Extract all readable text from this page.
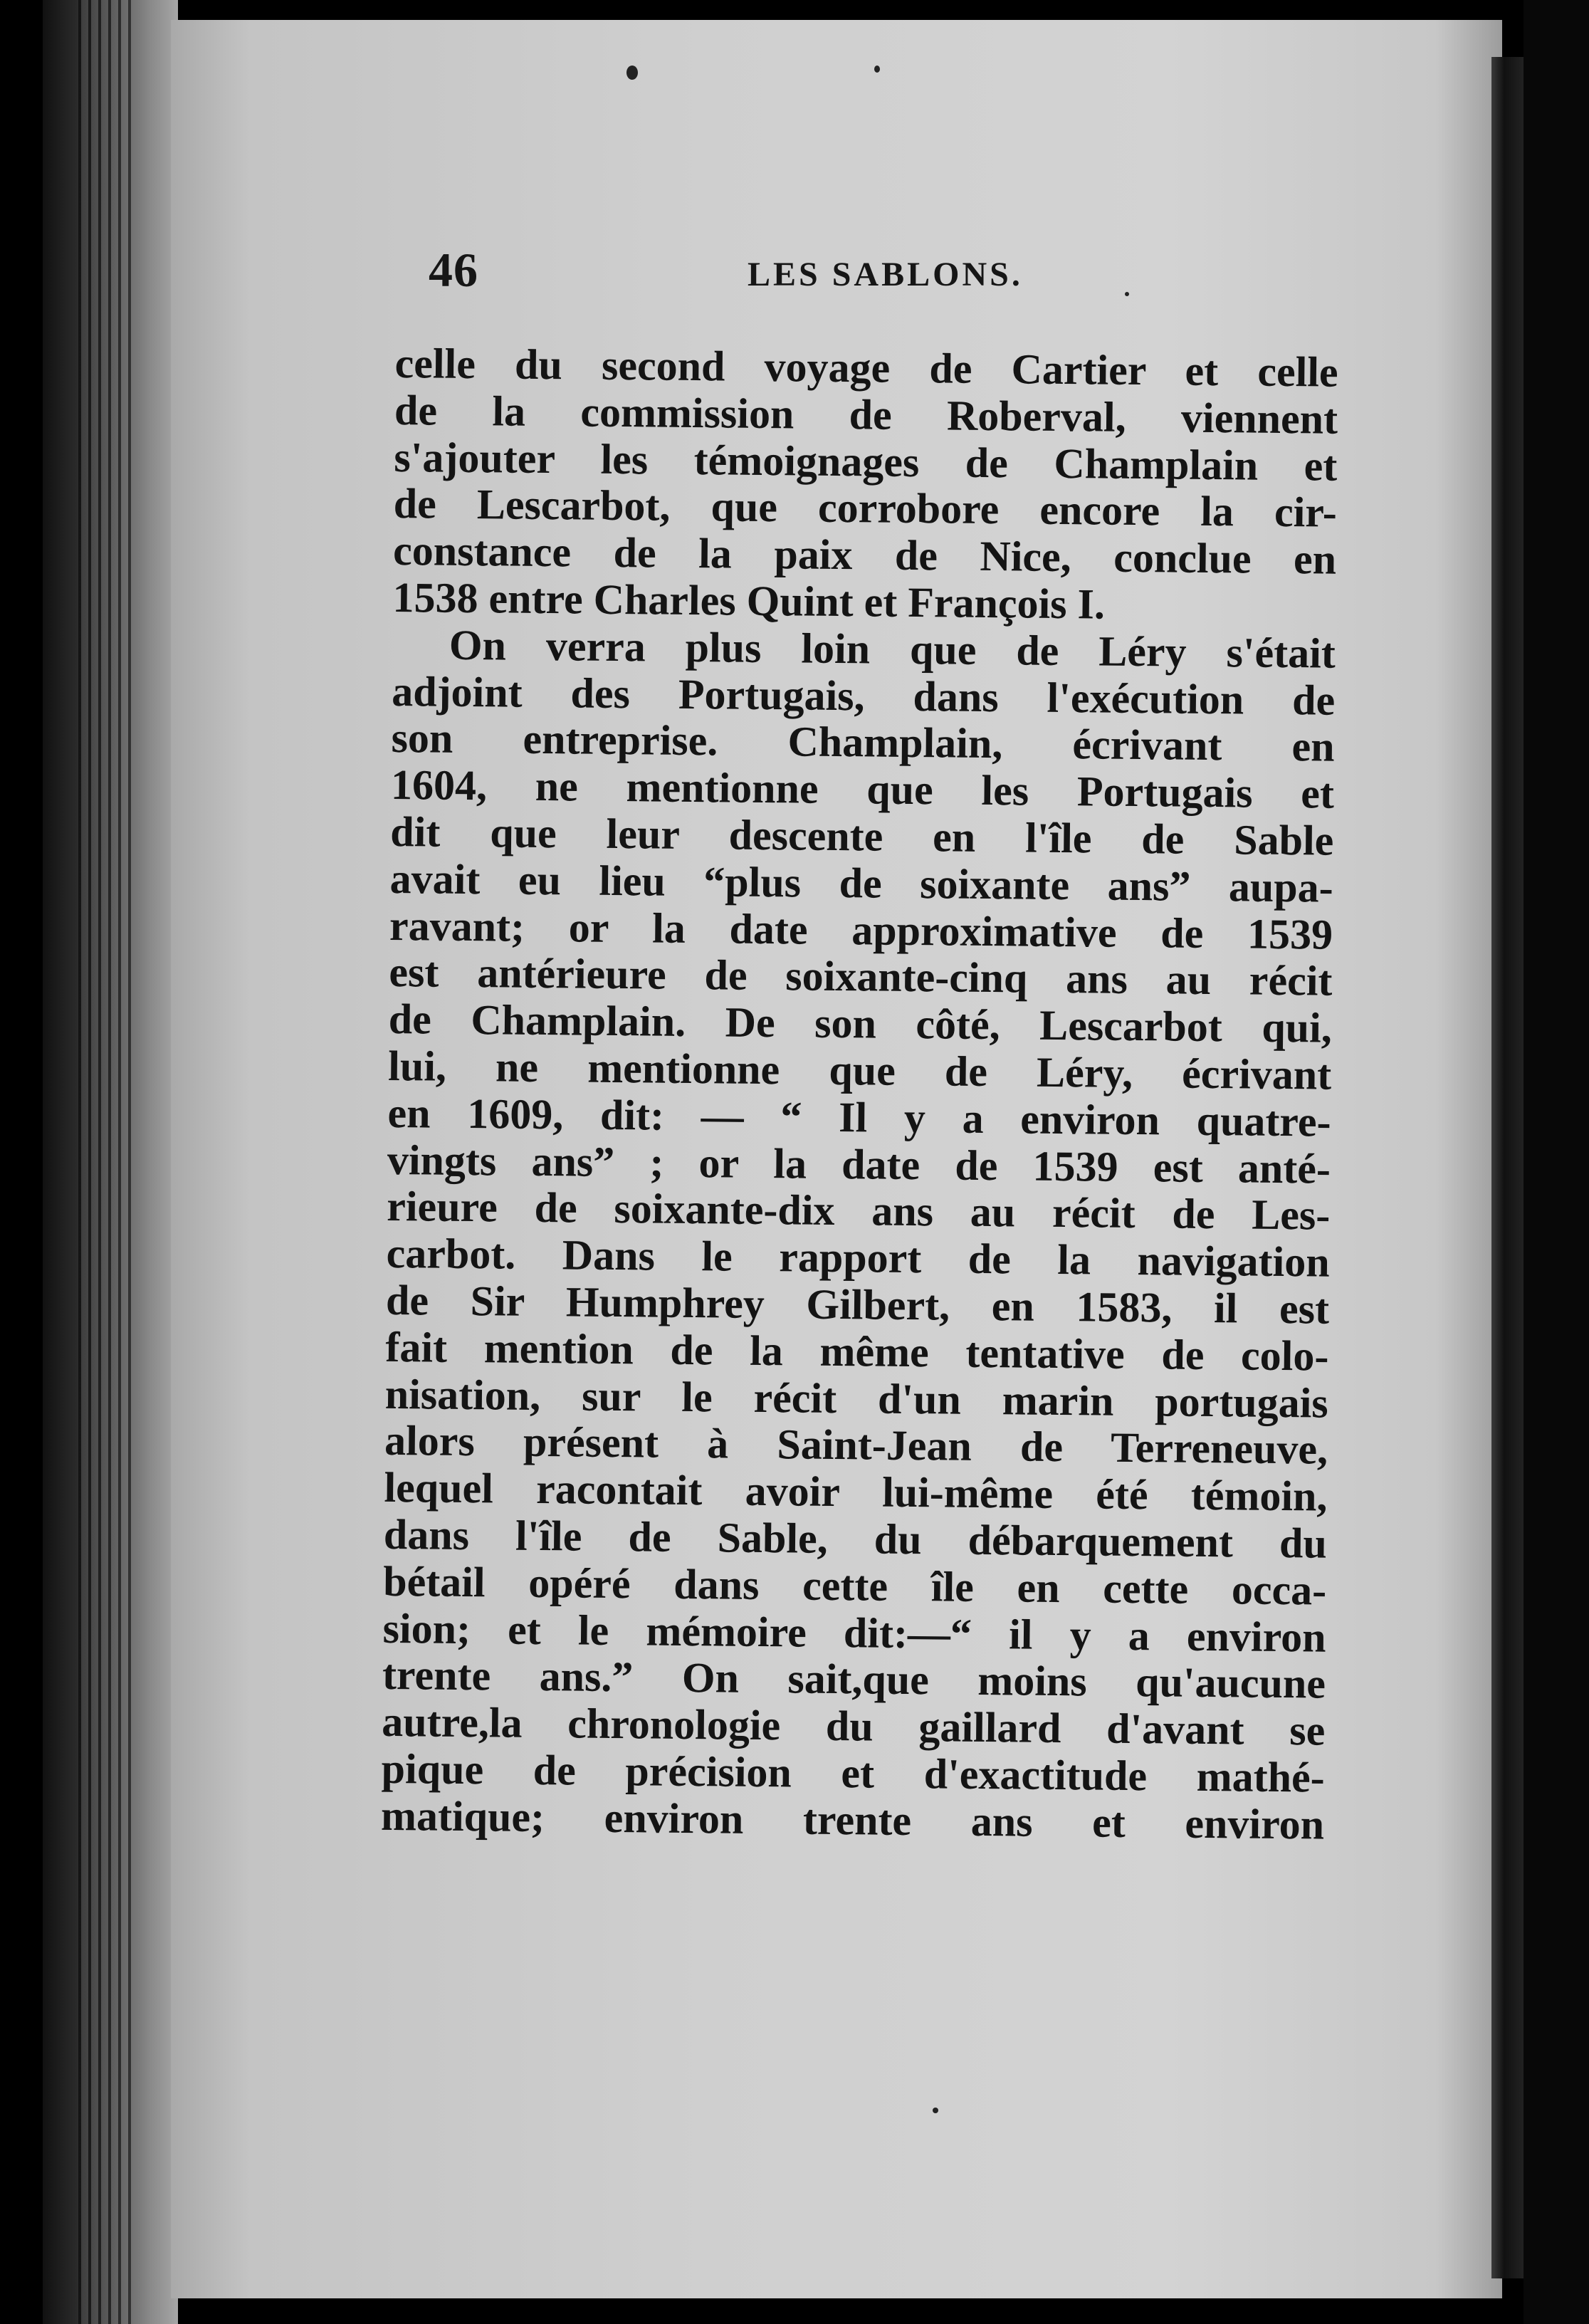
46	LES SABLONS.
celle du second voyage de Cartier et celle
de la commission de Roberval, viennent
s'ajouter les témoignages de Champlain et
de Lescarbot, que corrobore encore la cir-
constance de la paix de Nice, conclue en
1538 entre Charles Quint et François I.
On verra plus loin que de Léry s'était
adjoint des Portugais, dans l'exécution de
son entreprise. Champlain, écrivant en
1604, ne mentionne que les Portugais et
dit que leur descente en l'île de Sable
avait eu lieu “plus de soixante ans” aupa-
ravant; or la date approximative de 1539
est antérieure de soixante-cinq ans au récit
de Champlain. De son côté, Lescarbot qui,
lui, ne mentionne que de Léry, écrivant
en 1609, dit: — “ Il y a environ quatre-
vingts ans” ; or la date de 1539 est anté-
rieure de soixante-dix ans au récit de Les-
carbot. Dans le rapport de la navigation
de Sir Humphrey Gilbert, en 1583, il est
fait mention de la même tentative de colo-
nisation, sur le récit d'un marin portugais
alors présent à Saint-Jean de Terreneuve,
lequel racontait avoir lui-même été témoin,
dans l'île de Sable, du débarquement du
bétail opéré dans cette île en cette occa-
sion; et le mémoire dit:—“ il y a environ
trente ans.” On sait,que moins qu'aucune
autre,la chronologie du gaillard d'avant se
pique de précision et d'exactitude mathé-
matique; environ trente ans et environ
